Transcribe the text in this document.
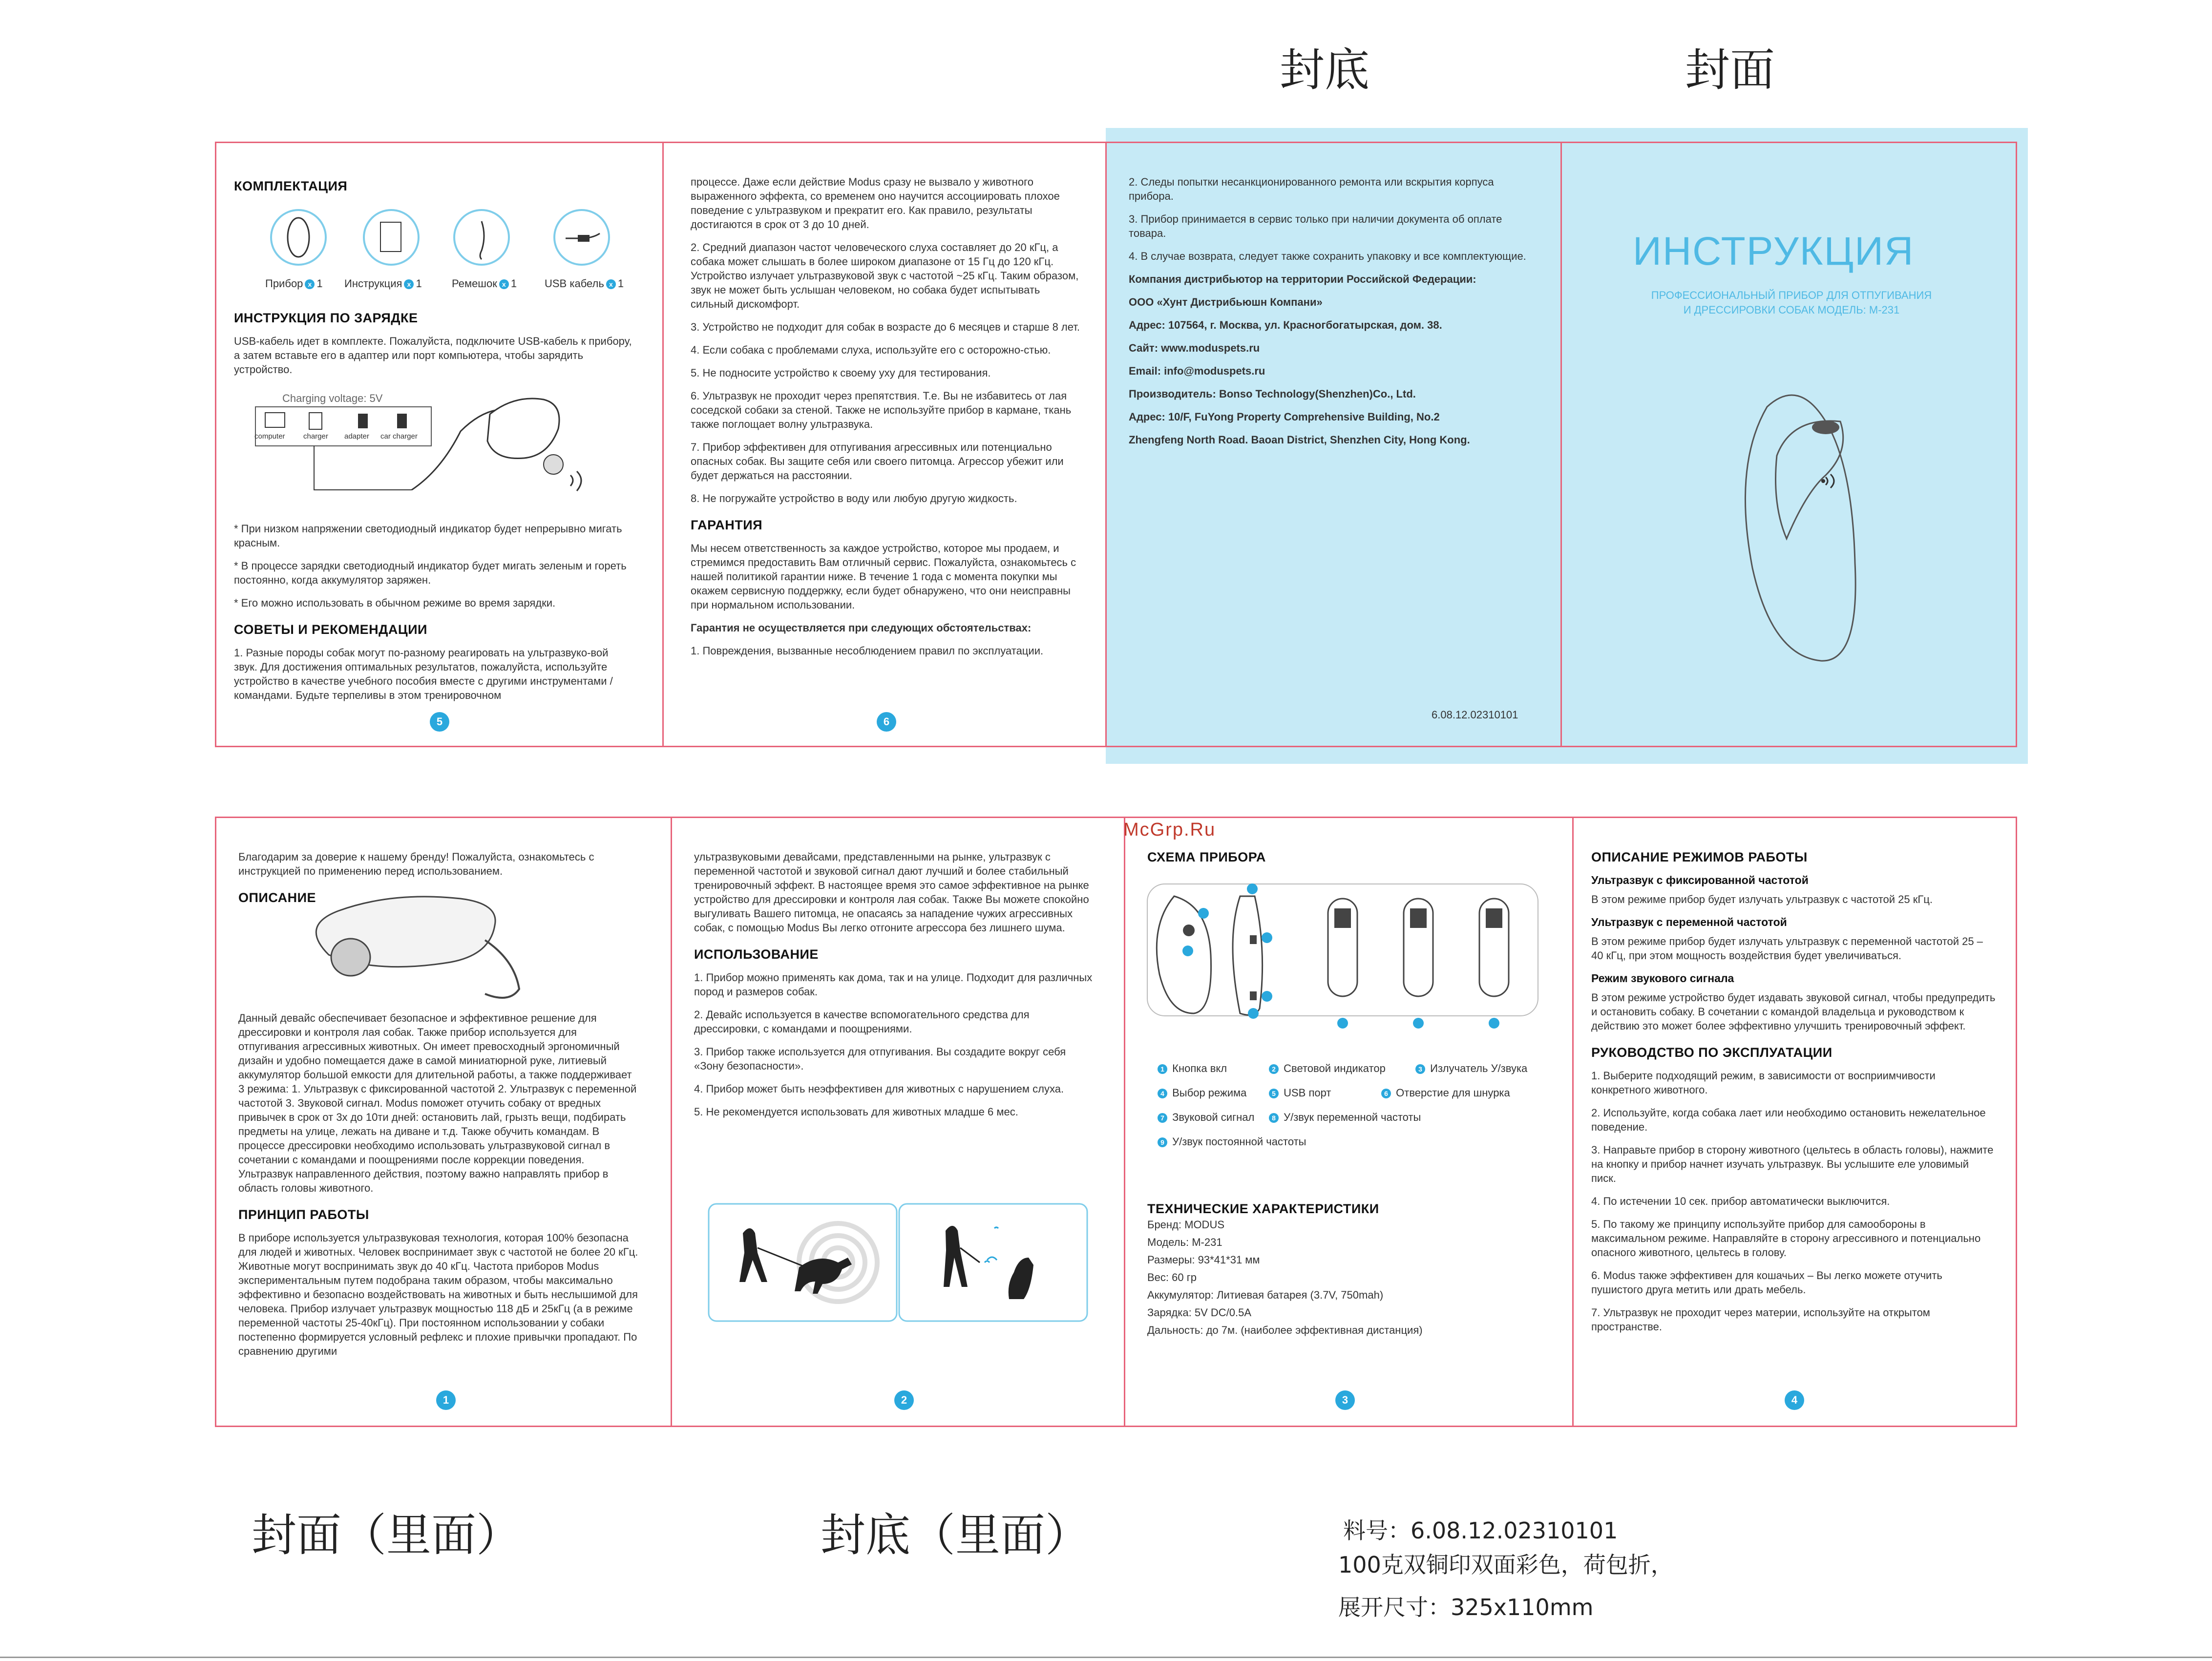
封底	封面
КОМПЛЕКТАЦИЯ
Прибор x 1 Инструкция x 1	Ремешок x 1	USB кабель x 1
ИНСТРУКЦИЯ ПО ЗАРЯДКЕ

USB-кабель идет в комплекте. Пожалуйста, подключите USB-кабель к прибору, а затем вставьте его в адаптер или порт компьютера, чтобы зарядить устройство.

Charging voltage: 5V
computer charger adapter car charger

* При низком напряжении светодиодный индикатор будет непрерывно мигать красным.

* В процессе зарядки светодиодный индикатор будет мигать зеленым и гореть постоянно, когда аккумулятор заряжен.

* Его можно использовать в обычном режиме во время зарядки.

СОВЕТЫ И РЕКОМЕНДАЦИИ

1. Разные породы собак могут по-разному реагировать на ультразвуко-вой звук. Для достижения оптимальных результатов, пожалуйста, используйте устройство в качестве учебного пособия вместе с другими инструментами / командами. Будьте терпеливы в этом тренировочном

5

процессе. Даже если действие Modus сразу не вызвало у животного выраженного эффекта, со временем оно научится ассоциировать плохое поведение с ультразвуком и прекратит его. Как правило, результаты достигаются в срок от 3 до 10 дней.

2. Средний диапазон частот человеческого слуха составляет до 20 кГц, а собака может слышать в более широком диапазоне от 15 Гц до 120 кГц. Устройство излучает ультразвуковой звук с частотой ~25 кГц. Таким образом, звук не может быть услышан человеком, но собака будет испытывать сильный дискомфорт.

3. Устройство не подходит для собак в возрасте до 6 месяцев и старше 8 лет.

4. Если собака с проблемами слуха, используйте его с осторожно-стью.

5. Не подносите устройство к своему уху для тестирования.

6. Ультразвук не проходит через препятствия. Т.е. Вы не избавитесь от лая соседской собаки за стеной. Также не используйте прибор в кармане, ткань также поглощает волну ультразвука.

7. Прибор эффективен для отпугивания агрессивных или потенциально опасных собак. Вы защите себя или своего питомца. Агрессор убежит или будет держаться на расстоянии.

8. Не погружайте устройство в воду или любую другую жидкость.

ГАРАНТИЯ

Мы несем ответственность за каждое устройство, которое мы продаем, и стремимся предоставить Вам отличный сервис. Пожалуйста, ознакомьтесь с нашей политикой гарантии ниже. В течение 1 года с момента покупки мы окажем сервисную поддержку, если будет обнаружено, что они неисправны при нормальном использовании.

Гарантия не осуществляется при следующих обстоятельствах:

1. Повреждения, вызванные несоблюдением правил по эксплуатации.

6

2. Следы попытки несанкционированного ремонта или вскрытия корпуса прибора.

3. Прибор принимается в сервис только при наличии документа об оплате товара.

4. В случае возврата, следует также сохранить упаковку и все комплектующие.

Компания дистрибьютор на территории Российской Федерации:

ООО «Хунт Дистрибьюшн Компани»

Адрес: 107564, г. Москва, ул. Красногбогатырская, дом. 38.

Сайт: www.moduspets.ru

Email: info@moduspets.ru

Производитель: Bonso Technology(Shenzhen)Co., Ltd.

Адрес: 10/F, FuYong Property Comprehensive Building, No.2

Zhengfeng North Road. Baoan District, Shenzhen City, Hong Kong.

6.08.12.02310101
ИНСТРУКЦИЯ
ПРОФЕССИОНАЛЬНЫЙ ПРИБОР ДЛЯ ОТПУГИВАНИЯ
И ДРЕССИРОВКИ СОБАК МОДЕЛЬ: M-231

Благодарим за доверие к нашему бренду! Пожалуйста, ознакомьтесь с инструкцией по применению перед использованием.

ОПИСАНИЕ

Данный девайс обеспечивает безопасное и эффективное решение для дрессировки и контроля лая собак. Также прибор используется для отпугивания агрессивных животных. Он имеет превосходный эргономичный дизайн и удобно помещается даже в самой миниатюрной руке, литиевый аккумулятор большой емкости для длительной работы, а также поддерживает 3 режима: 1. Ультразвук с фиксированной частотой 2. Ультразвук с переменной частотой 3. Звуковой сигнал. Modus поможет отучить собаку от вредных привычек в срок от 3х до 10ти дней: остановить лай, грызть вещи, подбирать предметы на улице, лежать на диване и т.д. Также обучить командам. В процессе дрессировки необходимо использовать ультразвуковой сигнал в сочетании с командами и поощрениями после коррекции поведения. Ультразвук направленного действия, поэтому важно направлять прибор в область головы животного.

ПРИНЦИП РАБОТЫ

В приборе используется ультразвуковая технология, которая 100% безопасна для людей и животных. Человек воспринимает звук с частотой не более 20 кГц. Животные могут воспринимать звук до 40 кГц. Частота приборов Modus экспериментальным путем подобрана таким образом, чтобы максимально эффективно и безопасно воздействовать на животных и быть неслышимой для человека. Прибор излучает ультразвук мощностью 118 дБ и 25кГц (а в режиме переменной частоты 25-40кГц). При постоянном использовании у собаки постепенно формируется условный рефлекс и плохие привычки пропадают. По сравнению другими

1

ультразвуковыми девайсами, представленными на рынке, ультразвук с переменной частотой и звуковой сигнал дают лучший и более стабильный тренировочный эффект. В настоящее время это самое эффективное на рынке устройство для дрессировки и контроля лая собак. Также Вы можете спокойно выгуливать Вашего питомца, не опасаясь за нападение чужих агрессивных собак, с помощью Modus Вы легко отгоните агрессора без лишнего шума.

ИСПОЛЬЗОВАНИЕ

1. Прибор можно применять как дома, так и на улице. Подходит для различных пород и размеров собак.

2. Девайс используется в качестве вспомогательного средства для дрессировки, с командами и поощрениями.

3. Прибор также используется для отпугивания. Вы создадите вокруг себя «Зону безопасности».

4. Прибор может быть неэффективен для животных с нарушением слуха.

5. Не рекомендуется использовать для животных младше 6 мес.

2
СХЕМА ПРИБОРА
1 Кнопка вкл	2 Световой индикатор	3 Излучатель У/звука
4 Выбор режима	5 USB порт	6 Отверстие для шнурка
7 Звуковой сигнал	8 У/звук переменной частоты
9 У/звук постоянной частоты
ТЕХНИЧЕСКИЕ ХАРАКТЕРИСТИКИ
Бренд: MODUS
Модель: M-231
Размеры: 93*41*31 мм
Вес: 60 гр
Аккумулятор: Литиевая батарея (3.7V, 750mah)
Зарядка: 5V DC/0.5A
Дальность: до 7м. (наиболее эффективная дистанция)
3
ОПИСАНИЕ РЕЖИМОВ РАБОТЫ
Ультразвук с фиксированной частотой

В этом режиме прибор будет излучать ультразвук с частотой 25 кГц.

Ультразвук с переменной частотой

В этом режиме прибор будет излучать ультразвук с переменной частотой 25 – 40 кГц, при этом мощность воздействия будет увеличиваться.

Режим звукового сигнала

В этом режиме устройство будет издавать звуковой сигнал, чтобы предупредить и остановить собаку. В сочетании с командой владельца и руководством к действию это может более эффективно улучшить тренировочный эффект.

РУКОВОДСТВО ПО ЭКСПЛУАТАЦИИ

1. Выберите подходящий режим, в зависимости от восприимчивости конкретного животного.

2. Используйте, когда собака лает или необходимо остановить нежелательное поведение.

3. Направьте прибор в сторону животного (цельтесь в область головы), нажмите на кнопку и прибор начнет изучать ультразвук. Вы услышите еле уловимый писк.

4. По истечении 10 сек. прибор автоматически выключится.

5. По такому же принципу используйте прибор для самообороны в максимальном режиме. Направляйте в сторону агрессивного и потенциально опасного животного, цельтесь в голову.

6. Modus также эффективен для кошачьих – Вы легко можете отучить пушистого друга метить или драть мебель.

7. Ультразвук не проходит через материи, используйте на открытом пространстве.

4
McGrp.Ru
封面（里面）	封底（里面）	料号：6.08.12.02310101
100克双铜印双面彩色，荷包折，
展开尺寸：325x110mm
